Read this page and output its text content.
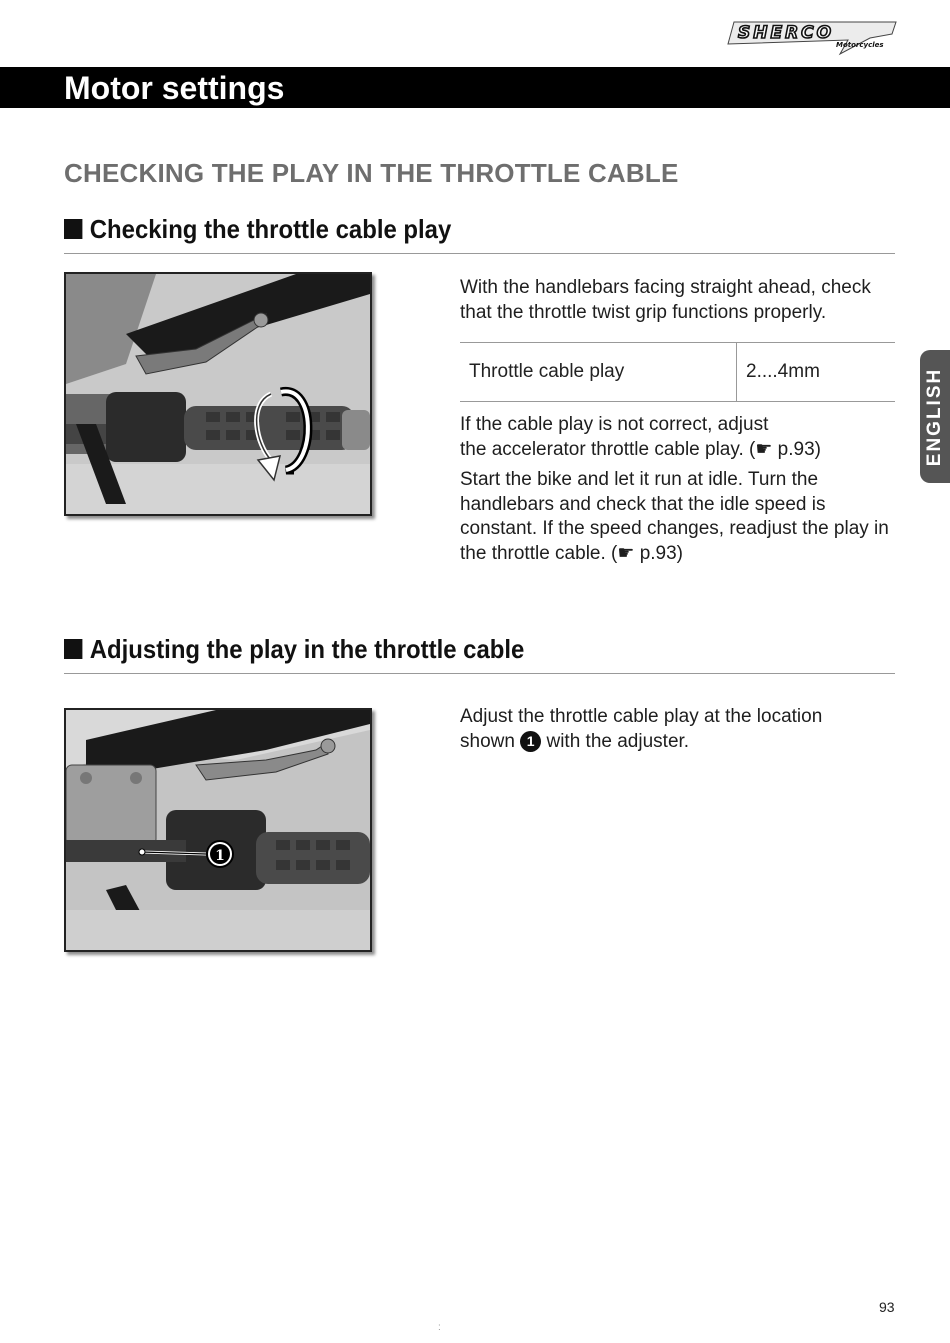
SHERCO
Motorcycles
Motor settings
CHECKING THE PLAY IN THE THROTTLE CABLE
Checking the throttle cable play
With the handlebars facing straight ahead, check that the throttle twist grip functions properly.
Throttle cable play	2....4mm
If the cable play is not correct, adjust
the accelerator throttle cable play. (☛ p.93)
Start the bike and let it run at idle. Turn the handlebars and check that the idle speed is constant. If the speed changes, readjust the play in the throttle cable. (☛ p.93)
Adjusting the play in the throttle cable
1
Adjust the throttle cable play at the location shown 1 with the adjuster.
ENGLISH
93
:
